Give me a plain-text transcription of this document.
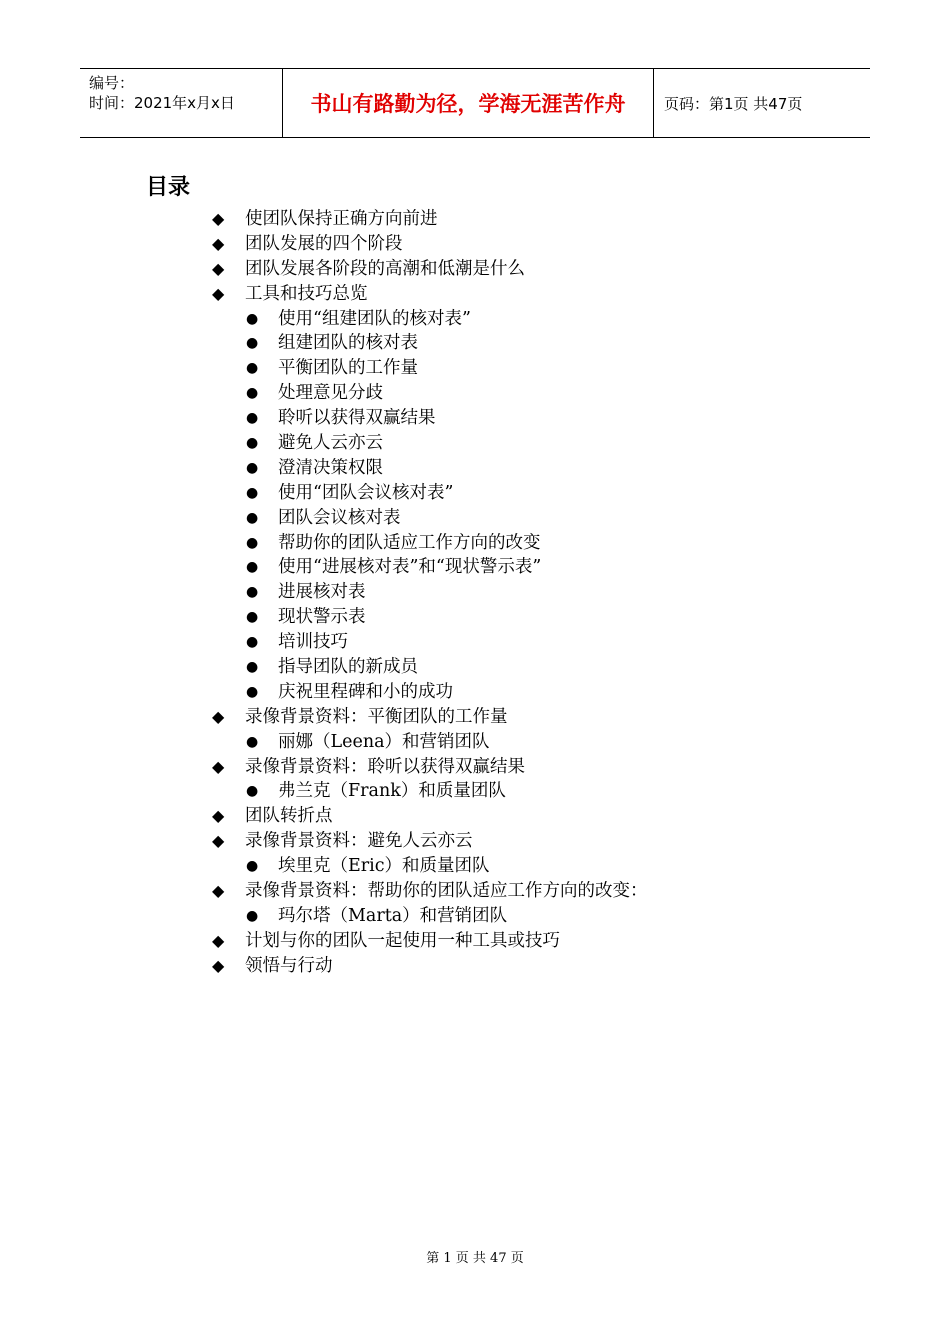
编号：
时间：2021年x月x日	书山有路勤为径，学海无涯苦作舟	页码：第1页 共47页
目录
◆ 使团队保持正确方向前进
◆ 团队发展的四个阶段
◆ 团队发展各阶段的高潮和低潮是什么
◆ 工具和技巧总览
● 使用“组建团队的核对表”
● 组建团队的核对表
● 平衡团队的工作量
● 处理意见分歧
● 聆听以获得双赢结果
● 避免人云亦云
● 澄清决策权限
● 使用“团队会议核对表”
● 团队会议核对表
● 帮助你的团队适应工作方向的改变
● 使用“进展核对表”和“现状警示表”
● 进展核对表
● 现状警示表
● 培训技巧
● 指导团队的新成员
● 庆祝里程碑和小的成功
◆ 录像背景资料：平衡团队的工作量
● 丽娜（Leena）和营销团队
◆ 录像背景资料：聆听以获得双赢结果
● 弗兰克（Frank）和质量团队
◆ 团队转折点
◆ 录像背景资料：避免人云亦云
● 埃里克（Eric）和质量团队
◆ 录像背景资料：帮助你的团队适应工作方向的改变：
● 玛尔塔（Marta）和营销团队
◆ 计划与你的团队一起使用一种工具或技巧
◆ 领悟与行动
第 1 页 共 47 页
